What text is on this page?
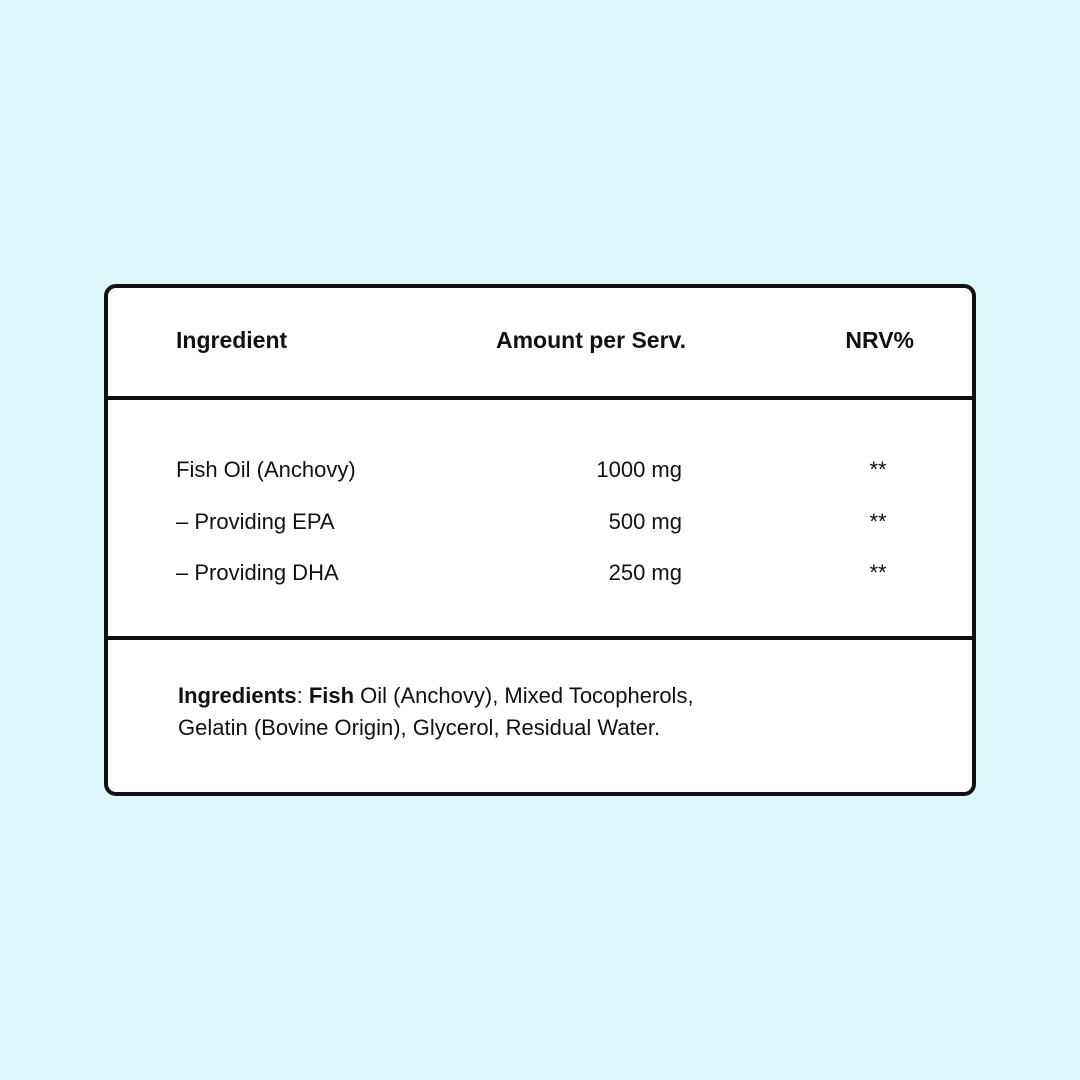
Ingredient	Amount per Serv.	NRV%
Fish Oil (Anchovy)	1000 mg	**
– Providing EPA	500 mg	**
– Providing DHA	250 mg	**
Ingredients: Fish Oil (Anchovy), Mixed Tocopherols,
Gelatin (Bovine Origin), Glycerol, Residual Water.
